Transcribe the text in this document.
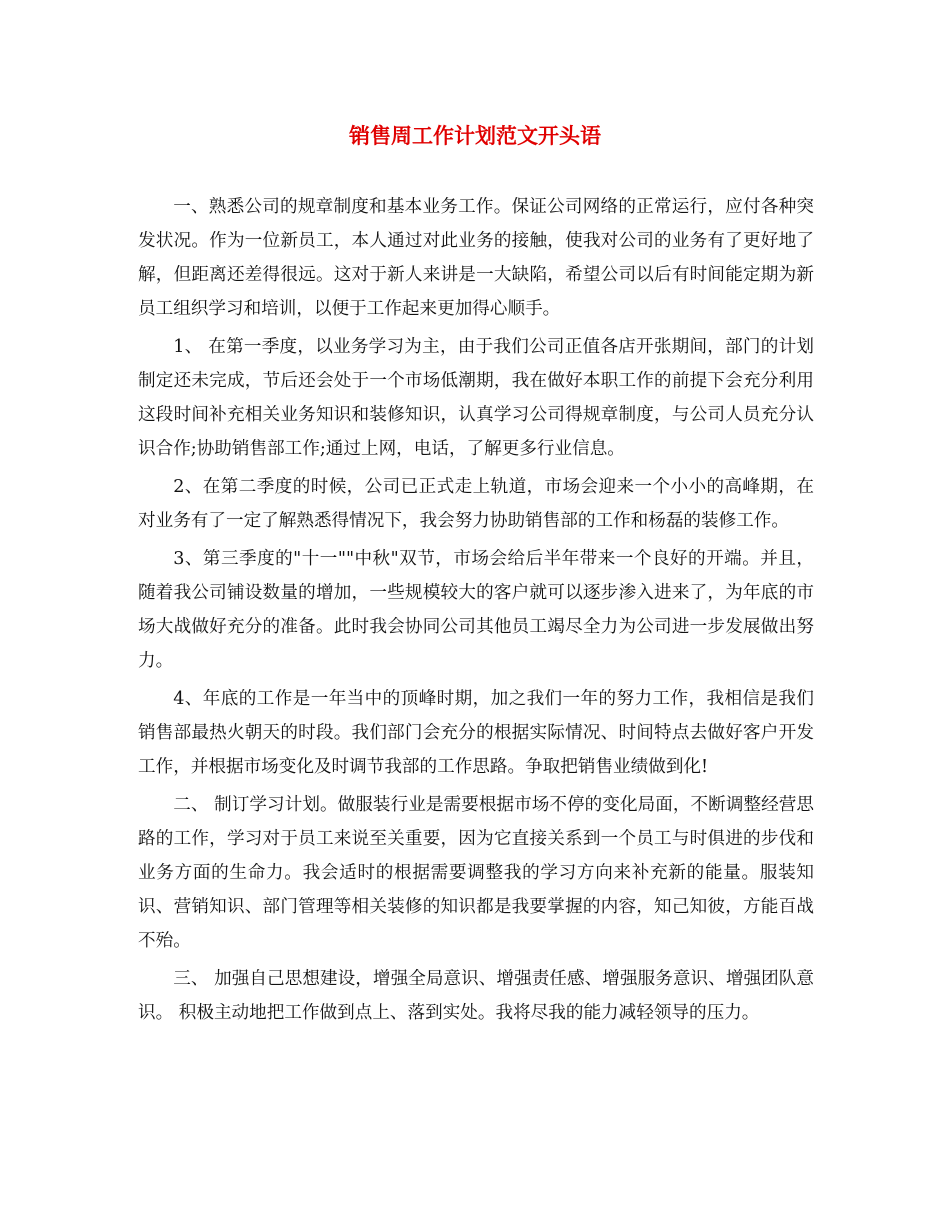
销售周工作计划范文开头语

一、熟悉公司的规章制度和基本业务工作。保证公司网络的正常运行，应付各种突发状况。作为一位新员工，本人通过对此业务的接触，使我对公司的业务有了更好地了解，但距离还差得很远。这对于新人来讲是一大缺陷，希望公司以后有时间能定期为新员工组织学习和培训，以便于工作起来更加得心顺手。

1、 在第一季度，以业务学习为主，由于我们公司正值各店开张期间，部门的计划制定还未完成，节后还会处于一个市场低潮期，我在做好本职工作的前提下会充分利用这段时间补充相关业务知识和装修知识，认真学习公司得规章制度，与公司人员充分认识合作;协助销售部工作;通过上网，电话，了解更多行业信息。

2、在第二季度的时候，公司已正式走上轨道，市场会迎来一个小小的高峰期，在对业务有了一定了解熟悉得情况下，我会努力协助销售部的工作和杨磊的装修工作。

3、第三季度的"十一""中秋"双节，市场会给后半年带来一个良好的开端。并且，随着我公司铺设数量的增加，一些规模较大的客户就可以逐步渗入进来了，为年底的市场大战做好充分的准备。此时我会协同公司其他员工竭尽全力为公司进一步发展做出努力。

4、年底的工作是一年当中的顶峰时期，加之我们一年的努力工作，我相信是我们销售部最热火朝天的时段。我们部门会充分的根据实际情况、时间特点去做好客户开发工作，并根据市场变化及时调节我部的工作思路。争取把销售业绩做到化!

二、 制订学习计划。做服装行业是需要根据市场不停的变化局面，不断调整经营思路的工作，学习对于员工来说至关重要，因为它直接关系到一个员工与时俱进的步伐和业务方面的生命力。我会适时的根据需要调整我的学习方向来补充新的能量。服装知识、营销知识、部门管理等相关装修的知识都是我要掌握的内容，知己知彼，方能百战不殆。

三、 加强自己思想建设，增强全局意识、增强责任感、增强服务意识、增强团队意识。 积极主动地把工作做到点上、落到实处。我将尽我的能力减轻领导的压力。
